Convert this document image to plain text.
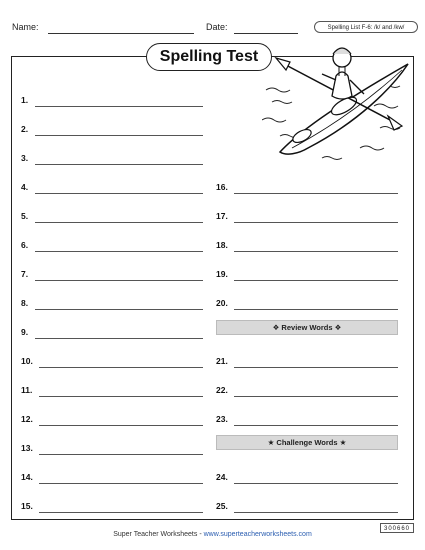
Name:	Date:	Spelling List F-6: /k/ and /kw/
Spelling Test
1.
2.
3.
4.
5.
6.
7.
8.
9.
10.
11.
12.
13.
14.
15.
16.
17.
18.
19.
20.
❖ Review Words ❖
21.
22.
23.
★ Challenge Words ★
24.
25.
300660
Super Teacher Worksheets - www.superteacherworksheets.com
